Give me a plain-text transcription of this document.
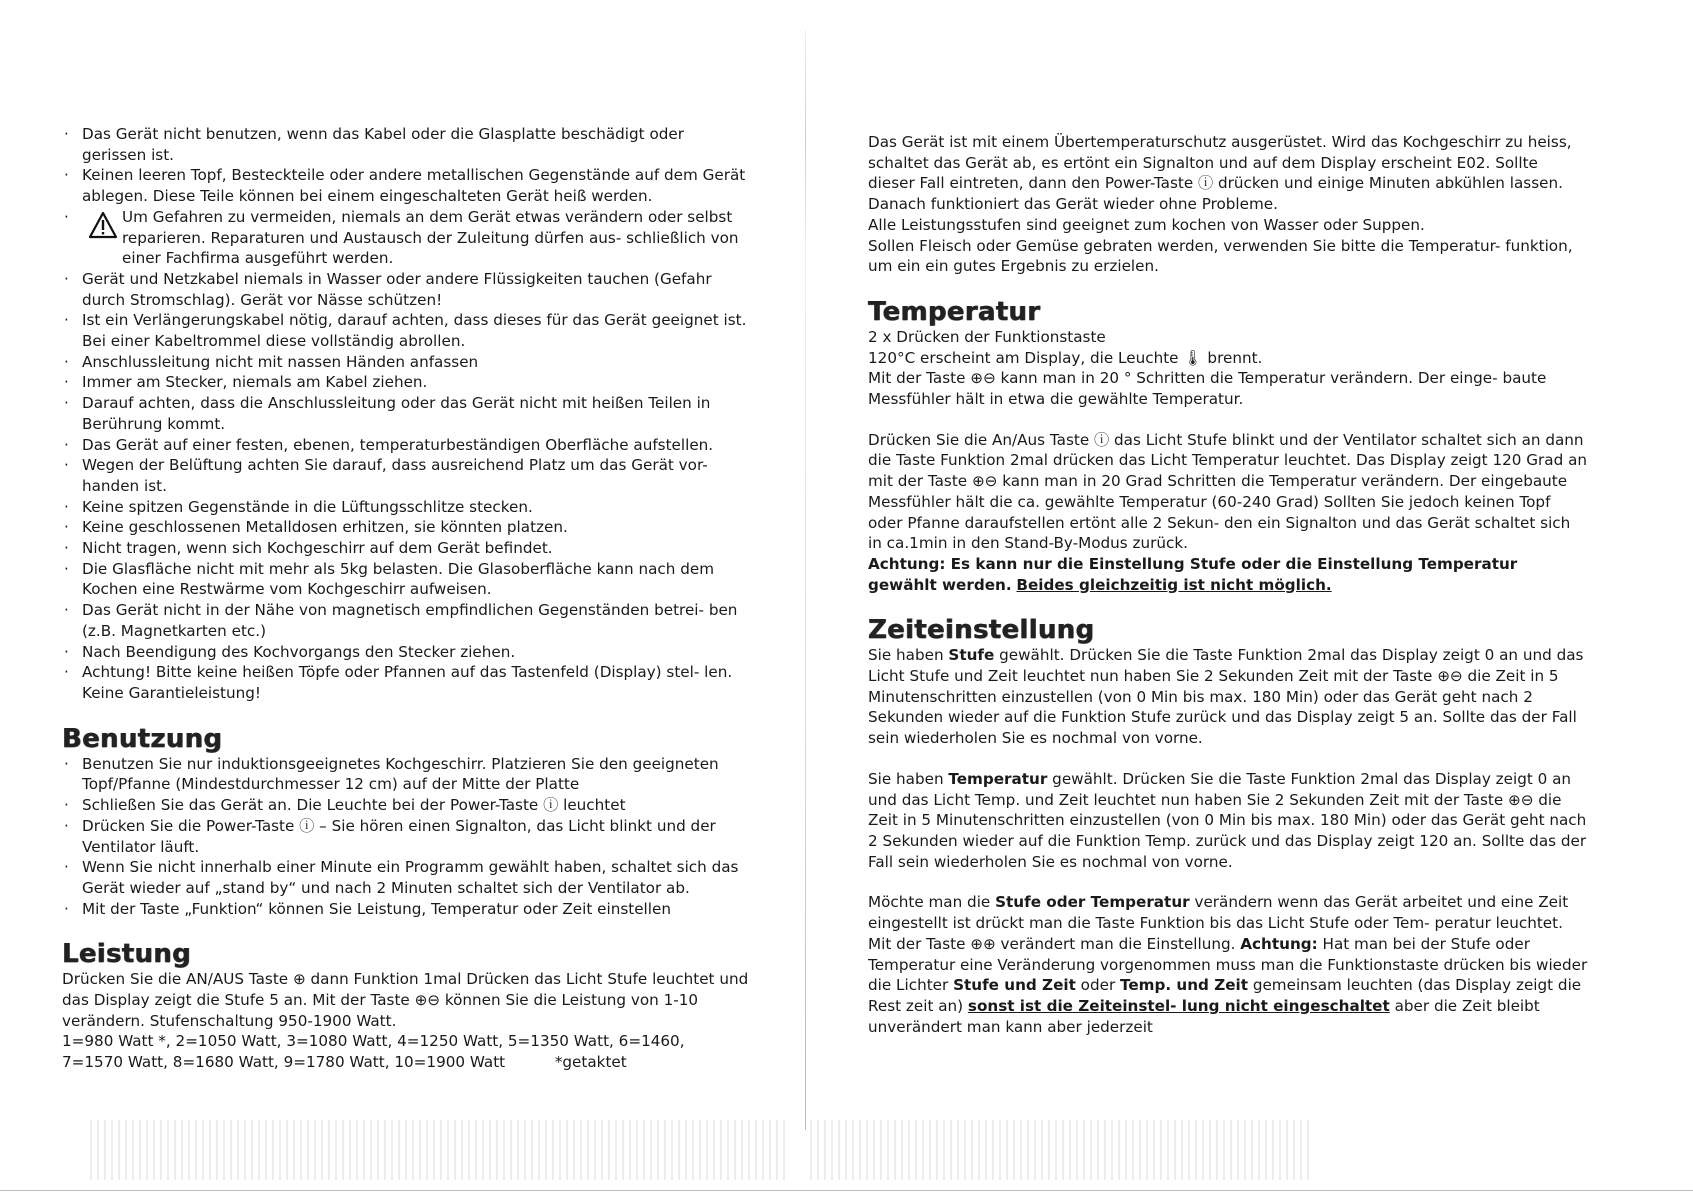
· Das Gerät nicht benutzen, wenn das Kabel oder die Glasplatte beschädigt oder gerissen ist.
· Keinen leeren Topf, Besteckteile oder andere metallischen Gegenstände auf dem Gerät ablegen. Diese Teile können bei einem eingeschalteten Gerät heiß werden.
· Um Gefahren zu vermeiden, niemals an dem Gerät etwas verändern oder selbst reparieren. Reparaturen und Austausch der Zuleitung dürfen aus- schließlich von einer Fachfirma ausgeführt werden.
· Gerät und Netzkabel niemals in Wasser oder andere Flüssigkeiten tauchen (Gefahr durch Stromschlag). Gerät vor Nässe schützen!
· Ist ein Verlängerungskabel nötig, darauf achten, dass dieses für das Gerät geeignet ist. Bei einer Kabeltrommel diese vollständig abrollen.
· Anschlussleitung nicht mit nassen Händen anfassen
· Immer am Stecker, niemals am Kabel ziehen.
· Darauf achten, dass die Anschlussleitung oder das Gerät nicht mit heißen Teilen in Berührung kommt.
· Das Gerät auf einer festen, ebenen, temperaturbeständigen Oberfläche aufstellen.
· Wegen der Belüftung achten Sie darauf, dass ausreichend Platz um das Gerät vor- handen ist.
· Keine spitzen Gegenstände in die Lüftungsschlitze stecken.
· Keine geschlossenen Metalldosen erhitzen, sie könnten platzen.
· Nicht tragen, wenn sich Kochgeschirr auf dem Gerät befindet.
· Die Glasfläche nicht mit mehr als 5kg belasten. Die Glasoberfläche kann nach dem Kochen eine Restwärme vom Kochgeschirr aufweisen.
· Das Gerät nicht in der Nähe von magnetisch empfindlichen Gegenständen betrei- ben (z.B. Magnetkarten etc.)
· Nach Beendigung des Kochvorgangs den Stecker ziehen.
· Achtung! Bitte keine heißen Töpfe oder Pfannen auf das Tastenfeld (Display) stel- len. Keine Garantieleistung!
Benutzung
· Benutzen Sie nur induktionsgeeignetes Kochgeschirr. Platzieren Sie den geeigneten Topf/Pfanne (Mindestdurchmesser 12 cm) auf der Mitte der Platte
· Schließen Sie das Gerät an. Die Leuchte bei der Power-Taste ⓘ leuchtet
· Drücken Sie die Power-Taste ⓘ – Sie hören einen Signalton, das Licht blinkt und der Ventilator läuft.
· Wenn Sie nicht innerhalb einer Minute ein Programm gewählt haben, schaltet sich das Gerät wieder auf „stand by“ und nach 2 Minuten schaltet sich der Ventilator ab.
· Mit der Taste „Funktion“ können Sie Leistung, Temperatur oder Zeit einstellen
Leistung

Drücken Sie die AN/AUS Taste ⊕ dann Funktion 1mal Drücken das Licht Stufe leuchtet und das Display zeigt die Stufe 5 an. Mit der Taste ⊕⊖ können Sie die Leistung von 1-10 verändern. Stufenschaltung 950-1900 Watt.

1=980 Watt *, 2=1050 Watt, 3=1080 Watt, 4=1250 Watt, 5=1350 Watt, 6=1460,

7=1570 Watt, 8=1680 Watt, 9=1780 Watt, 10=1900 Watt	*getaktet

Das Gerät ist mit einem Übertemperaturschutz ausgerüstet. Wird das Kochgeschirr zu heiss, schaltet das Gerät ab, es ertönt ein Signalton und auf dem Display erscheint E02. Sollte dieser Fall eintreten, dann den Power-Taste ⓘ drücken und einige Minuten abkühlen lassen. Danach funktioniert das Gerät wieder ohne Probleme.

Alle Leistungsstufen sind geeignet zum kochen von Wasser oder Suppen.

Sollen Fleisch oder Gemüse gebraten werden, verwenden Sie bitte die Temperatur- funktion, um ein ein gutes Ergebnis zu erzielen.

Temperatur

2 x Drücken der Funktionstaste

120°C erscheint am Display, die Leuchte 🌡 brennt.

Mit der Taste ⊕⊖ kann man in 20 ° Schritten die Temperatur verändern. Der einge- baute Messfühler hält in etwa die gewählte Temperatur.

Drücken Sie die An/Aus Taste ⓘ das Licht Stufe blinkt und der Ventilator schaltet sich an dann die Taste Funktion 2mal drücken das Licht Temperatur leuchtet. Das Display zeigt 120 Grad an mit der Taste ⊕⊖ kann man in 20 Grad Schritten die Temperatur verändern. Der eingebaute Messfühler hält die ca. gewählte Temperatur (60-240 Grad) Sollten Sie jedoch keinen Topf oder Pfanne daraufstellen ertönt alle 2 Sekun- den ein Signalton und das Gerät schaltet sich in ca.1min in den Stand-By-Modus zurück.

Achtung: Es kann nur die Einstellung Stufe oder die Einstellung Temperatur gewählt werden. Beides gleichzeitig ist nicht möglich.

Zeiteinstellung

Sie haben Stufe gewählt. Drücken Sie die Taste Funktion 2mal das Display zeigt 0 an und das Licht Stufe und Zeit leuchtet nun haben Sie 2 Sekunden Zeit mit der Taste ⊕⊖ die Zeit in 5 Minutenschritten einzustellen (von 0 Min bis max. 180 Min) oder das Gerät geht nach 2 Sekunden wieder auf die Funktion Stufe zurück und das Display zeigt 5 an. Sollte das der Fall sein wiederholen Sie es nochmal von vorne.

Sie haben Temperatur gewählt. Drücken Sie die Taste Funktion 2mal das Display zeigt 0 an und das Licht Temp. und Zeit leuchtet nun haben Sie 2 Sekunden Zeit mit der Taste ⊕⊖ die Zeit in 5 Minutenschritten einzustellen (von 0 Min bis max. 180 Min) oder das Gerät geht nach 2 Sekunden wieder auf die Funktion Temp. zurück und das Display zeigt 120 an. Sollte das der Fall sein wiederholen Sie es nochmal von vorne.

Möchte man die Stufe oder Temperatur verändern wenn das Gerät arbeitet und eine Zeit eingestellt ist drückt man die Taste Funktion bis das Licht Stufe oder Tem- peratur leuchtet. Mit der Taste ⊕⊕ verändert man die Einstellung. Achtung: Hat man bei der Stufe oder Temperatur eine Veränderung vorgenommen muss man die Funktionstaste drücken bis wieder die Lichter Stufe und Zeit oder Temp. und Zeit gemeinsam leuchten (das Display zeigt die Rest zeit an) sonst ist die Zeiteinstel- lung nicht eingeschaltet aber die Zeit bleibt unverändert man kann aber jederzeit
